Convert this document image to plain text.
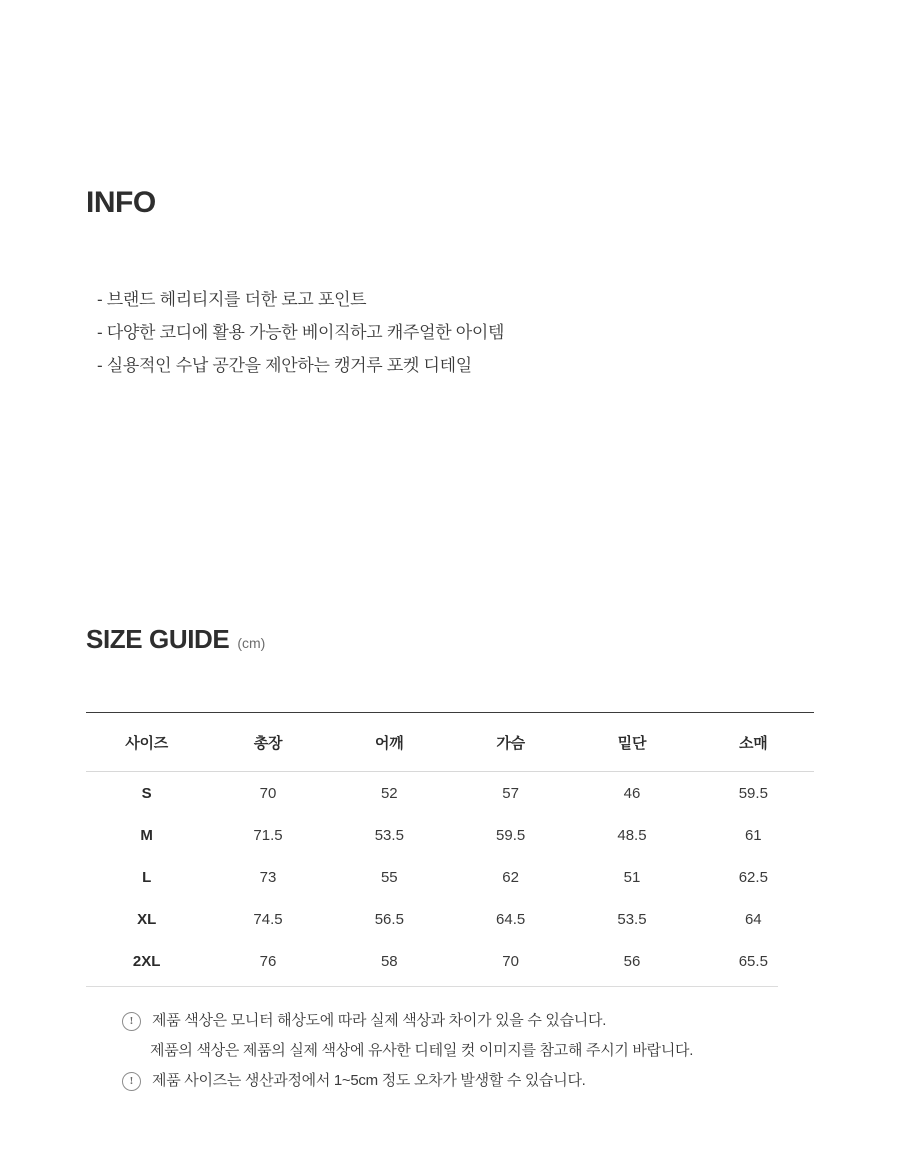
INFO
- 브랜드 헤리티지를 더한 로고 포인트
- 다양한 코디에 활용 가능한 베이직하고 캐주얼한 아이템
- 실용적인 수납 공간을 제안하는 캥거루 포켓 디테일
SIZE GUIDE (cm)
사이즈	총장	어깨	가슴	밑단	소매
S	70	52	57	46	59.5
M	71.5	53.5	59.5	48.5	61
L	73	55	62	51	62.5
XL	74.5	56.5	64.5	53.5	64
2XL	76	58	70	56	65.5
!	제품 색상은 모니터 해상도에 따라 실제 색상과 차이가 있을 수 있습니다.
제품의 색상은 제품의 실제 색상에 유사한 디테일 컷 이미지를 참고해 주시기 바랍니다.
!	제품 사이즈는 생산과정에서 1~5cm 정도 오차가 발생할 수 있습니다.
